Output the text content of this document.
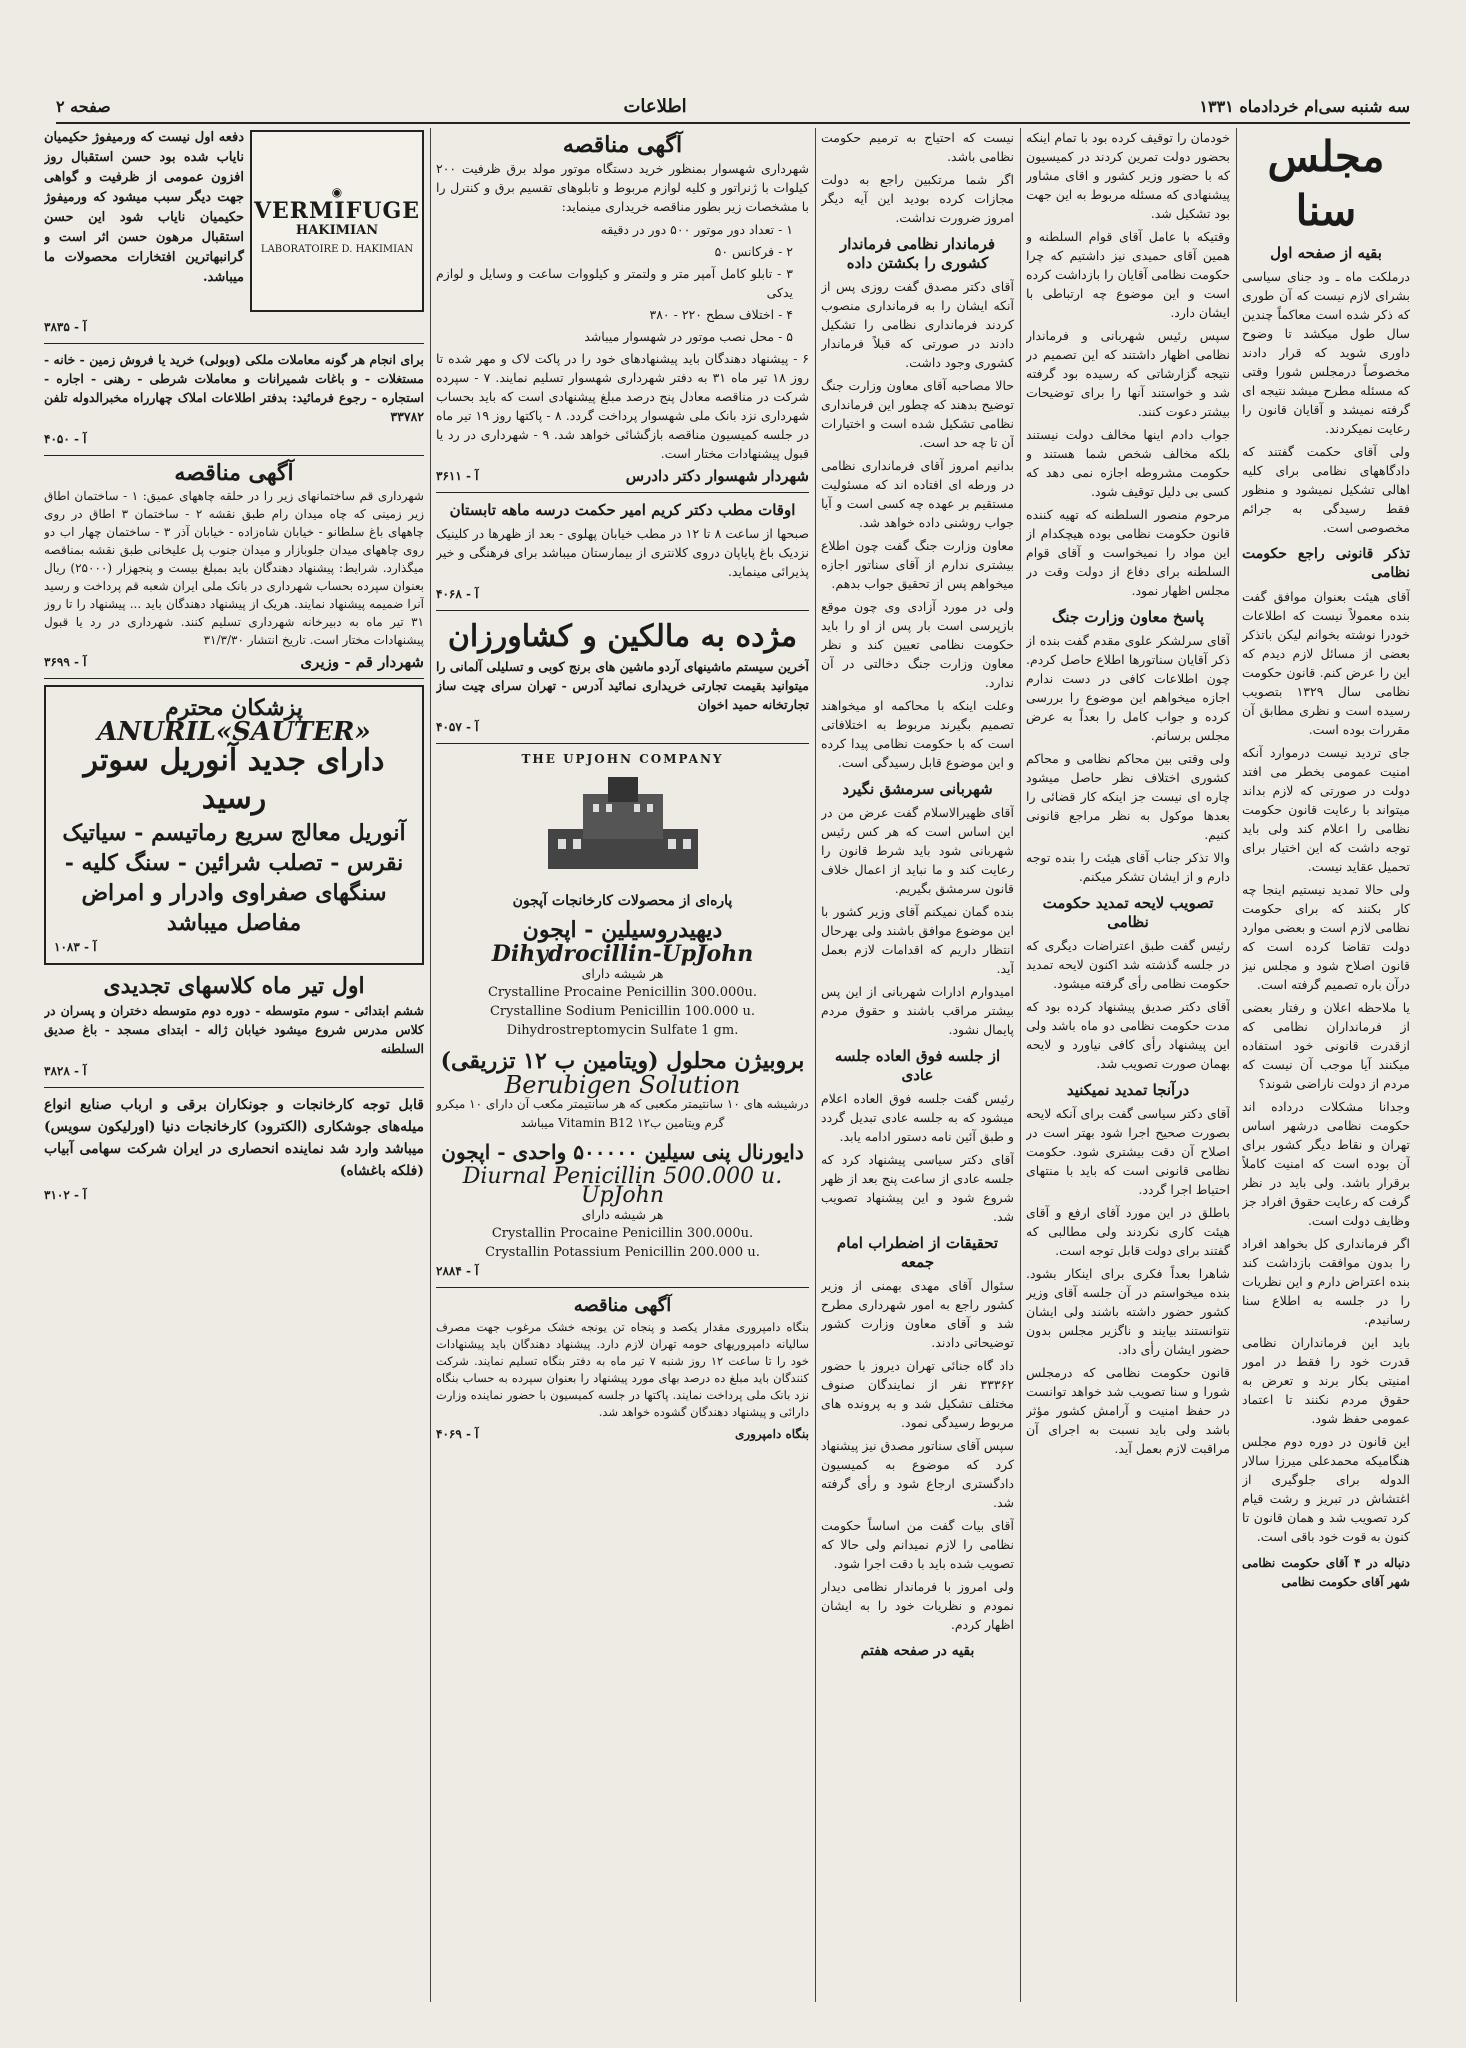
صفحه ۲	اطلاعات	سه شنبه سی‌ام خردادماه ۱۳۳۱
مجلس سنا
بقیه از صفحه اول

درملکت ماه ـ ود جنای سیاسی بشرای لازم نیست که آن طوری که ذکر شده است معاکماً چندین سال طول میکشد تا وضوح داوری شوید که قرار دادند مخصوصاً درمجلس شورا وقتی که مسئله مطرح میشد نتیجه ای گرفته نمیشد و آقایان قانون را رعایت نمیکردند.

ولی آقای حکمت گفتند که دادگاههای نظامی برای کلیه اهالی تشکیل نمیشود و منظور فقط رسیدگی به جرائم مخصوصی است.

تذکر قانونی راجع حکومت نظامی

آقای هیئت بعنوان موافق گفت بنده معمولاً نیست که اطلاعات خودرا نوشته بخوانم لیکن باتذکر بعضی از مسائل لازم دیدم که این را عرض کنم. قانون حکومت نظامی سال ۱۳۲۹ بتصویب رسیده است و نظری مطابق آن مقررات بوده است.

جای تردید نیست درموارد آنکه امنیت عمومی بخطر می افتد دولت در صورتی که لازم بداند میتواند با رعایت قانون حکومت نظامی را اعلام کند ولی باید توجه داشت که این اختیار برای تحمیل عقاید نیست.

ولی حالا تمدید نیستیم اینجا چه کار بکنند که برای حکومت نظامی لازم است و بعضی موارد دولت تقاضا کرده است که قانون اصلاح شود و مجلس نیز درآن باره تصمیم گرفته است.

یا ملاحظه اعلان و رفتار بعضی از فرمانداران نظامی که ازقدرت قانونی خود استفاده میکنند آیا موجب آن نیست که مردم از دولت ناراضی شوند؟

وجدانا مشکلات درداده اند حکومت نظامی درشهر اساس تهران و نقاط دیگر کشور برای آن بوده است که امنیت کاملاً برقرار باشد. ولی باید در نظر گرفت که رعایت حقوق افراد جز وظایف دولت است.

اگر فرمانداری کل بخواهد افراد را بدون موافقت بازداشت کند بنده اعتراض دارم و این نظریات را در جلسه به اطلاع سنا رسانیدم.

باید این فرمانداران نظامی قدرت خود را فقط در امور امنیتی بکار برند و تعرض به حقوق مردم نکنند تا اعتماد عمومی حفظ شود.

این قانون در دوره دوم مجلس هنگامیکه محمدعلی میرزا سالار الدوله برای جلوگیری از اغتشاش در تبریز و رشت قیام کرد تصویب شد و همان قانون تا کنون به قوت خود باقی است.

دنباله در ۴ آقای حکومت نظامی شهر آقای حکومت نظامی

خودمان را توقیف کرده بود با تمام اینکه بحضور دولت تمرین کردند در کمیسیون که با حضور وزیر کشور و اقای مشاور پیشنهادی که مسئله مربوط به این جهت بود تشکیل شد.

وقتیکه با عامل آقای قوام السلطنه و همین آقای حمیدی نیز داشتیم که چرا حکومت نظامی آقایان را بازداشت کرده است و این موضوع چه ارتباطی با ایشان دارد.

سپس رئیس شهربانی و فرماندار نظامی اظهار داشتند که این تصمیم در نتیجه گزارشاتی که رسیده بود گرفته شد و خواستند آنها را برای توضیحات بیشتر دعوت کنند.

جواب دادم اینها مخالف دولت نیستند بلکه مخالف شخص شما هستند و حکومت مشروطه اجازه نمی دهد که کسی بی دلیل توقیف شود.

مرحوم منصور السلطنه که تهیه کننده قانون حکومت نظامی بوده هیچکدام از این مواد را نمیخواست و آقای قوام السلطنه برای دفاع از دولت وقت در مجلس اظهار نمود.

پاسخ معاون وزارت جنگ

آقای سرلشکر علوی مقدم گفت بنده از ذکر آقایان سناتورها اطلاع حاصل کردم. چون اطلاعات کافی در دست ندارم اجازه میخواهم این موضوع را بررسی کرده و جواب کامل را بعداً به عرض مجلس برسانم.

ولی وقتی بین محاکم نظامی و محاکم کشوری اختلاف نظر حاصل میشود چاره ای نیست جز اینکه کار قضائی را بعدها موکول به نظر مراجع قانونی کنیم.

والا تذکر جناب آقای هیئت را بنده توجه دارم و از ایشان تشکر میکنم.

تصویب لایحه تمدید حکومت نظامی

رئیس گفت طبق اعتراضات دیگری که در جلسه گذشته شد اکنون لایحه تمدید حکومت نظامی رأی گرفته میشود.

آقای دکتر صدیق پیشنهاد کرده بود که مدت حکومت نظامی دو ماه باشد ولی این پیشنهاد رأی کافی نیاورد و لایحه بهمان صورت تصویب شد.

درآنجا تمدید نمیکنید

آقای دکتر سیاسی گفت برای آنکه لایحه بصورت صحیح اجرا شود بهتر است در اصلاح آن دقت بیشتری شود. حکومت نظامی قانونی است که باید با منتهای احتیاط اجرا گردد.

باطلق در این مورد آقای ارفع و آقای هیئت کاری نکردند ولی مطالبی که گفتند برای دولت قابل توجه است.

شاهرا بعداً فکری برای اینکار بشود. بنده میخواستم در آن جلسه آقای وزیر کشور حضور داشته باشند ولی ایشان نتوانستند بیایند و ناگزیر مجلس بدون حضور ایشان رأی داد.

قانون حکومت نظامی که درمجلس شورا و سنا تصویب شد خواهد توانست در حفظ امنیت و آرامش کشور مؤثر باشد ولی باید نسبت به اجرای آن مراقبت لازم بعمل آید.

نیست که احتیاج به ترمیم حکومت نظامی باشد.

اگر شما مرتکبین راجع به دولت مجازات کرده بودید این آیه دیگر امروز ضرورت نداشت.

فرماندار نظامی فرماندار کشوری را بکشتن داده

آقای دکتر مصدق گفت روزی پس از آنکه ایشان را به فرمانداری منصوب کردند فرمانداری نظامی را تشکیل دادند در صورتی که قبلاً فرماندار کشوری وجود داشت.

حالا مصاحبه آقای معاون وزارت جنگ توضیح بدهند که چطور این فرمانداری نظامی تشکیل شده است و اختیارات آن تا چه حد است.

بدانیم امروز آقای فرمانداری نظامی در ورطه ای افتاده اند که مسئولیت مستقیم بر عهده چه کسی است و آیا جواب روشنی داده خواهد شد.

معاون وزارت جنگ گفت چون اطلاع بیشتری ندارم از آقای سناتور اجازه میخواهم پس از تحقیق جواب بدهم.

ولی در مورد آزادی وی چون موقع بازپرسی است بار پس از او را باید حکومت نظامی تعیین کند و نظر معاون وزارت جنگ دخالتی در آن ندارد.

وعلت اینکه با محاکمه او میخواهند تصمیم بگیرند مربوط به اختلافاتی است که با حکومت نظامی پیدا کرده و این موضوع قابل رسیدگی است.

شهربانی سرمشق نگیرد

آقای ظهیرالاسلام گفت عرض من در این اساس است که هر کس رئیس شهربانی شود باید شرط قانون را رعایت کند و ما نباید از اعمال خلاف قانون سرمشق بگیریم.

بنده گمان نمیکنم آقای وزیر کشور با این موضوع موافق باشند ولی بهرحال انتظار داریم که اقدامات لازم بعمل آید.

امیدوارم ادارات شهربانی از این پس بیشتر مراقب باشند و حقوق مردم پایمال نشود.

از جلسه فوق العاده جلسه عادی

رئیس گفت جلسه فوق العاده اعلام میشود که به جلسه عادی تبدیل گردد و طبق آئین نامه دستور ادامه یابد.

آقای دکتر سیاسی پیشنهاد کرد که جلسه عادی از ساعت پنج بعد از ظهر شروع شود و این پیشنهاد تصویب شد.

تحقیقات از اضطراب امام جمعه

سئوال آقای مهدی بهمنی از وزیر کشور راجع به امور شهرداری مطرح شد و آقای معاون وزارت کشور توضیحاتی دادند.

داد گاه جنائی تهران دیروز با حضور ۳۳۳۶۲ نفر از نمایندگان صنوف مختلف تشکیل شد و به پرونده های مربوط رسیدگی نمود.

سپس آقای سناتور مصدق نیز پیشنهاد کرد که موضوع به کمیسیون دادگستری ارجاع شود و رأی گرفته شد.

آقای بیات گفت من اساساً حکومت نظامی را لازم نمیدانم ولی حالا که تصویب شده باید با دقت اجرا شود.

ولی امروز با فرماندار نظامی دیدار نمودم و نظریات خود را به ایشان اظهار کردم.

بقیه در صفحه هفتم

آگهی مناقصه

شهرداری شهسوار بمنظور خرید دستگاه موتور مولد برق ظرفیت ۲۰۰ کیلوات با ژنراتور و کلیه لوازم مربوط و تابلوهای تقسیم برق و کنترل را با مشخصات زیر بطور مناقصه خریداری مینماید:

۱ - تعداد دور موتور ۵۰۰ دور در دقیقه
۲ - فرکانس ۵۰
۳ - تابلو کامل آمپر متر و ولتمتر و کیلووات ساعت و وسایل و لوازم یدکی
۴ - اختلاف سطح ۲۲۰ - ۳۸۰
۵ - محل نصب موتور در شهسوار میباشد

۶ - پیشنهاد دهندگان باید پیشنهادهای خود را در پاکت لاک و مهر شده تا روز ۱۸ تیر ماه ۳۱ به دفتر شهرداری شهسوار تسلیم نمایند. ۷ - سپرده شرکت در مناقصه معادل پنج درصد مبلغ پیشنهادی است که باید بحساب شهرداری نزد بانک ملی شهسوار پرداخت گردد. ۸ - پاکتها روز ۱۹ تیر ماه در جلسه کمیسیون مناقصه بازگشائی خواهد شد. ۹ - شهرداری در رد یا قبول پیشنهادات مختار است.

آ - ۳۶۱۱	شهردار شهسوار دکتر دادرس
اوقات مطب دکتر کریم امیر حکمت درسه ماهه تابستان

صبحها از ساعت ۸ تا ۱۲ در مطب خیابان پهلوی - بعد از ظهرها در کلینیک نزدیک باغ پایاپان دروی کلانتری از بیمارستان میباشد برای فرهنگی و خیر پذیرائی مینماید.

آ - ۴۰۶۸
مژده به مالکین و کشاورزان

آخرین سیستم ماشینهای آردو ماشین های برنج کوبی و تسلیلی آلمانی را میتوانید بقیمت تجارتی خریداری نمائید آدرس - تهران سرای چیت ساز تجارتخانه حمید اخوان

آ - ۴۰۵۷
THE UPJOHN COMPANY
پاره‌ای از محصولات کارخانجات آپجون
دیهیدروسیلین - اپجون
Dihydrocillin-UpJohn
هر شیشه دارای
Crystalline Procaine Penicillin 300.000u.
Crystalline Sodium Penicillin 100.000 u.
Dihydrostreptomycin Sulfate 1 gm.
بروبیژن محلول (ویتامین ب ۱۲ تزریقی)
Berubigen Solution

درشیشه های ۱۰ سانتیمتر مکعبی که هر سانتیمتر مکعب آن دارای ۱۰ میکرو گرم ویتامین ب۱۲ Vitamin B12 میباشد

دایورنال پنی سیلین ۵۰۰۰۰۰ واحدی - اپجون
Diurnal Penicillin 500.000 u.
UpJohn
هر شیشه دارای
Crystallin Procaine Penicillin 300.000u.
Crystallin Potassium Penicillin 200.000 u.
آ - ۲۸۸۴
آگهی مناقصه

بنگاه دامپروری مقدار یکصد و پنجاه تن یونجه خشک مرغوب جهت مصرف سالیانه دامپروریهای حومه تهران لازم دارد. پیشنهاد دهندگان باید پیشنهادات خود را تا ساعت ۱۲ روز شنبه ۷ تیر ماه به دفتر بنگاه تسلیم نمایند. شرکت کنندگان باید مبلغ ده درصد بهای مورد پیشنهاد را بعنوان سپرده به حساب بنگاه نزد بانک ملی پرداخت نمایند. پاکتها در جلسه کمیسیون با حضور نماینده وزارت دارائی و پیشنهاد دهندگان گشوده خواهد شد.

آ - ۴۰۶۹	بنگاه دامپروری
◉
VERMIFUGE
HAKIMIAN
LABORATOIRE D. HAKIMIAN

دفعه اول نیست که ورمیفوژ حکیمیان نایاب شده بود حسن استقبال روز افزون عمومی از ظرفیت و گواهی جهت دیگر سبب میشود که ورمیفوژ حکیمیان نایاب شود این حسن استقبال مرهون حسن اثر است و گرانبهاترین افتخارات محصولات ما میباشد.

آ - ۳۸۳۵

برای انجام هر گونه معاملات ملکی (وبولی) خرید یا فروش زمین - خانه - مستغلات - و باغات شمیرانات و معاملات شرطی - رهنی - اجاره - استجاره - رجوع فرمائید: بدفتر اطلاعات املاک چهارراه مخبرالدوله تلفن ۳۳۷۸۲

آ - ۴۰۵۰
آگهی مناقصه

شهرداری قم ساختمانهای زیر را در حلقه چاههای عمیق: ۱ - ساختمان اطاق زیر زمینی که چاه میدان رام طبق نقشه ۲ - ساختمان ۳ اطاق در روی چاههای باغ سلطانو - خیابان شاه‌زاده - خیابان آذر ۳ - ساختمان چهار اب دو روی چاههای میدان جلوبازار و میدان جنوب پل علیخانی طبق نقشه بمناقصه میگذارد. شرایط: پیشنهاد دهندگان باید بمبلغ بیست و پنجهزار (۲۵۰۰۰) ریال بعنوان سپرده بحساب شهرداری در بانک ملی ایران شعبه قم پرداخت و رسید آنرا ضمیمه پیشنهاد نمایند. هریک از پیشنهاد دهندگان باید ... پیشنهاد را تا روز ۳۱ تیر ماه به دبیرخانه شهرداری تسلیم کنند. شهرداری در رد یا قبول پیشنهادات مختار است. تاریخ انتشار ۳۱/۳/۳۰

آ - ۳۶۹۹	شهردار قم - وزیری
پزشکان محترم
ANURIL«SAUTER»
دارای جدید آنوریل سوتر رسید
آنوریل معالج سریع رماتیسم - سیاتیک
نقرس - تصلب شرائین - سنگ کلیه - سنگهای صفراوی وادرار و امراض مفاصل میباشد
آ - ۱۰۸۳
اول تیر ماه کلاسهای تجدیدی

ششم ابتدائی - سوم متوسطه - دوره دوم متوسطه دختران و پسران در کلاس مدرس شروع میشود خیابان ژاله - ابتدای مسجد - باغ صدیق السلطنه

آ - ۳۸۲۸

قابل توجه کارخانجات و جونکاران برقی و ارباب صنایع انواع میله‌های جوشکاری (الکترود) کارخانجات دنیا (اورلیکون سویس) میباشد وارد شد نماینده انحصاری در ایران شرکت سهامی آبیاب (فلکه باغشاه)

آ - ۳۱۰۲
